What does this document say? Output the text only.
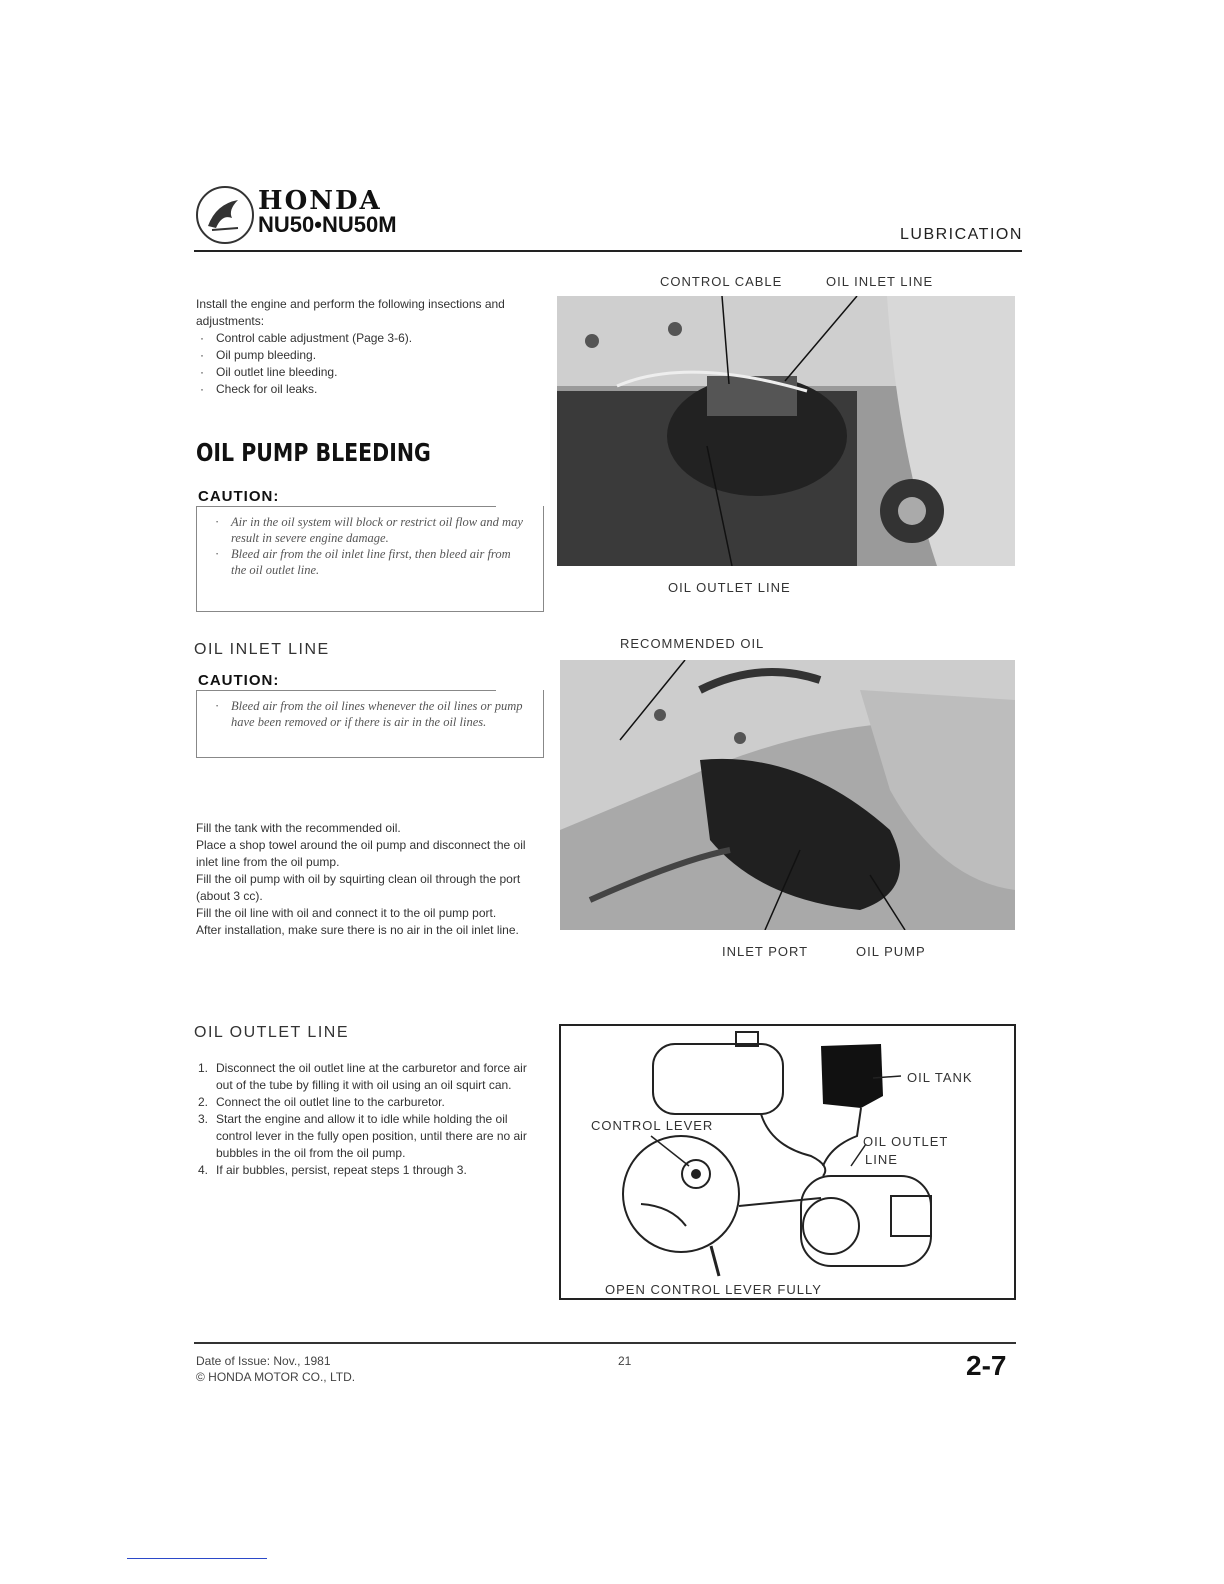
HONDA
NU50•NU50M	LUBRICATION
Install the engine and perform the following insections and adjustments:
· Control cable adjustment (Page 3-6).
· Oil pump bleeding.
· Oil outlet line bleeding.
· Check for oil leaks.
OIL PUMP BLEEDING
CAUTION:
· Air in the oil system will block or restrict oil flow and may result in severe engine damage.
· Bleed air from the oil inlet line first, then bleed air from the oil outlet line.
OIL INLET LINE
CAUTION:
· Bleed air from the oil lines whenever the oil lines or pump have been removed or if there is air in the oil lines.
Fill the tank with the recommended oil.
Place a shop towel around the oil pump and disconnect the oil inlet line from the oil pump.
Fill the oil pump with oil by squirting clean oil through the port (about 3 cc).
Fill the oil line with oil and connect it to the oil pump port.
After installation, make sure there is no air in the oil inlet line.
OIL OUTLET LINE
1. Disconnect the oil outlet line at the carburetor and force air out of the tube by filling it with oil using an oil squirt can.
2. Connect the oil outlet line to the carburetor.
3. Start the engine and allow it to idle while holding the oil control lever in the fully open position, until there are no air bubbles in the oil from the oil pump.
4. If air bubbles, persist, repeat steps 1 through 3.
CONTROL CABLE	OIL INLET LINE
OIL OUTLET LINE
RECOMMENDED OIL
INLET PORT	OIL PUMP
OIL TANK
CONTROL LEVER
OIL OUTLET
LINE
OPEN CONTROL LEVER FULLY
Date of Issue: Nov., 1981
© HONDA MOTOR CO., LTD.
21	2-7
